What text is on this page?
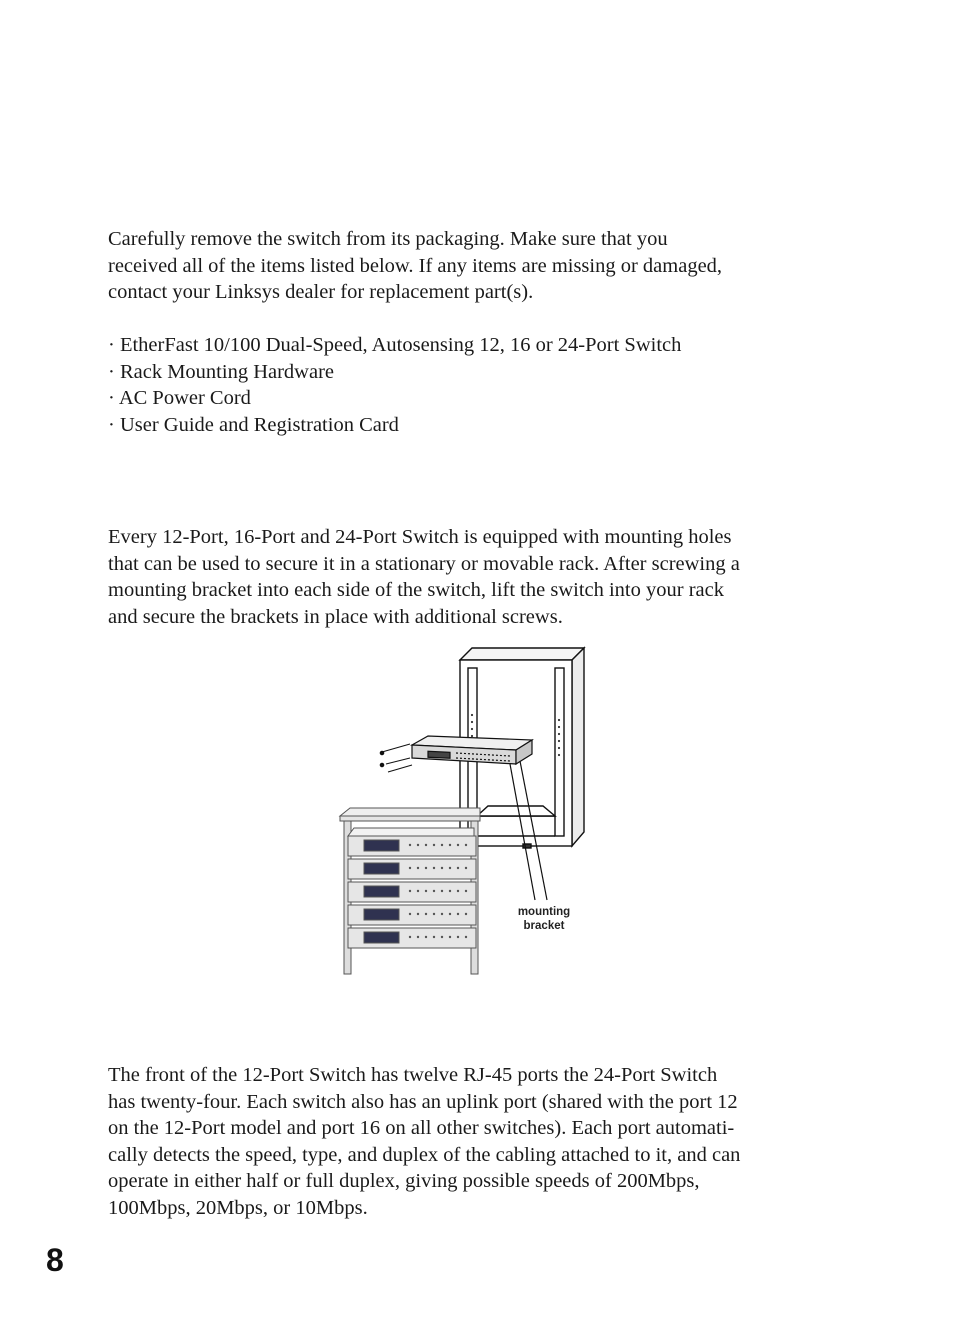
Carefully remove the switch from its packaging. Make sure that you
received all of the items listed below. If any items are missing or damaged,
contact your Linksys dealer for replacement part(s).
· EtherFast 10/100 Dual-Speed, Autosensing 12, 16 or 24-Port Switch
· Rack Mounting Hardware
· AC Power Cord
· User Guide and Registration Card
Every 12-Port, 16-Port and 24-Port Switch is equipped with mounting holes
that can be used to secure it in a stationary or movable rack. After screwing a
mounting bracket into each side of the switch, lift the switch into your rack
and secure the brackets in place with additional screws.
mounting
bracket
The front of the 12-Port Switch has twelve RJ-45 ports the 24-Port Switch
has twenty-four. Each switch also has an uplink port (shared with the port 12
on the 12-Port model and port 16 on all other switches). Each port automati-
cally detects the speed, type, and duplex of the cabling attached to it, and can
operate in either half or full duplex, giving possible speeds of 200Mbps,
100Mbps, 20Mbps, or 10Mbps.
8
